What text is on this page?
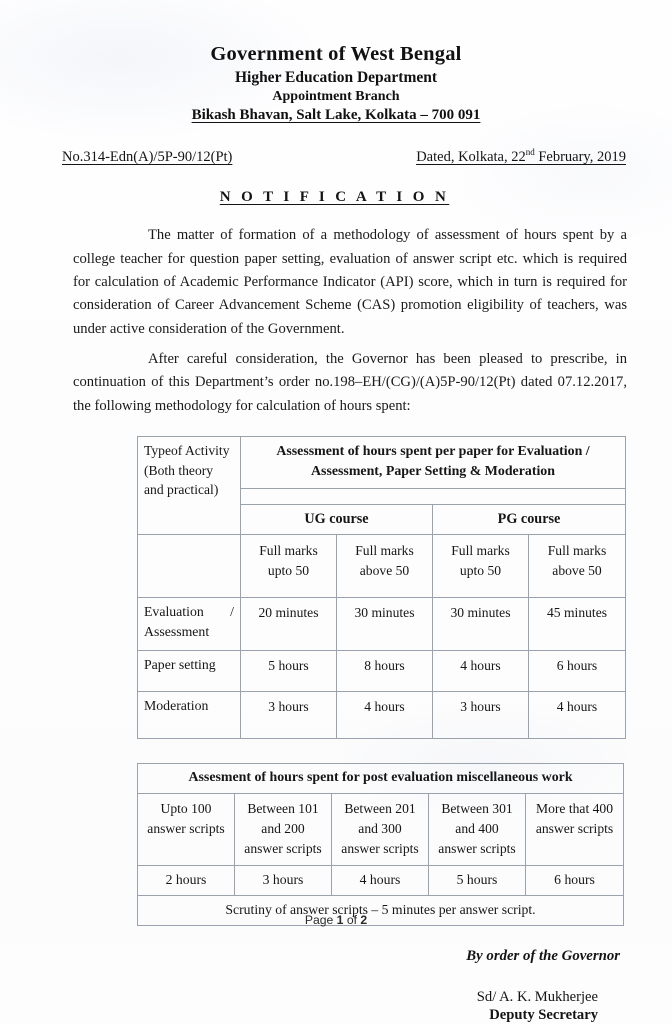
Government of West Bengal
Higher Education Department
Appointment Branch
Bikash Bhavan, Salt Lake, Kolkata – 700 091
No.314-Edn(A)/5P-90/12(Pt)	Dated, Kolkata, 22nd February, 2019
N O T I F I C A T I O N

The matter of formation of a methodology of assessment of hours spent by a college teacher for question paper setting, evaluation of answer script etc. which is required for calculation of Academic Performance Indicator (API) score, which in turn is required for consideration of Career Advancement Scheme (CAS) promotion eligibility of teachers, was under active consideration of the Government.

After careful consideration, the Governor has been pleased to prescribe, in continuation of this Department’s order no.198–EH/(CG)/(A)5P-90/12(Pt) dated 07.12.2017, the following methodology for calculation of hours spent:

Typeof Activity (Both theory and practical)	Assessment of hours spent per paper for Evaluation / Assessment, Paper Setting & Moderation			

	UG course		PG course	
	Full marks upto 50	Full marks above 50	Full marks upto 50	Full marks above 50

Evaluation /
Assessment	20 minutes	30 minutes	30 minutes	45 minutes
Paper setting	5 hours	8 hours	4 hours	6 hours
Moderation	3 hours	4 hours	3 hours	4 hours
Assesment of hours spent for post evaluation miscellaneous work				
Upto 100 answer scripts	Between 101 and 200 answer scripts	Between 201 and 300 answer scripts	Between 301 and 400 answer scripts	More that 400 answer scripts
2 hours	3 hours	4 hours	5 hours	6 hours
Scrutiny of answer scripts – 5 minutes per answer script.				
By order of the Governor
Sd/ A. K. Mukherjee
Deputy Secretary
Page 1 of 2
